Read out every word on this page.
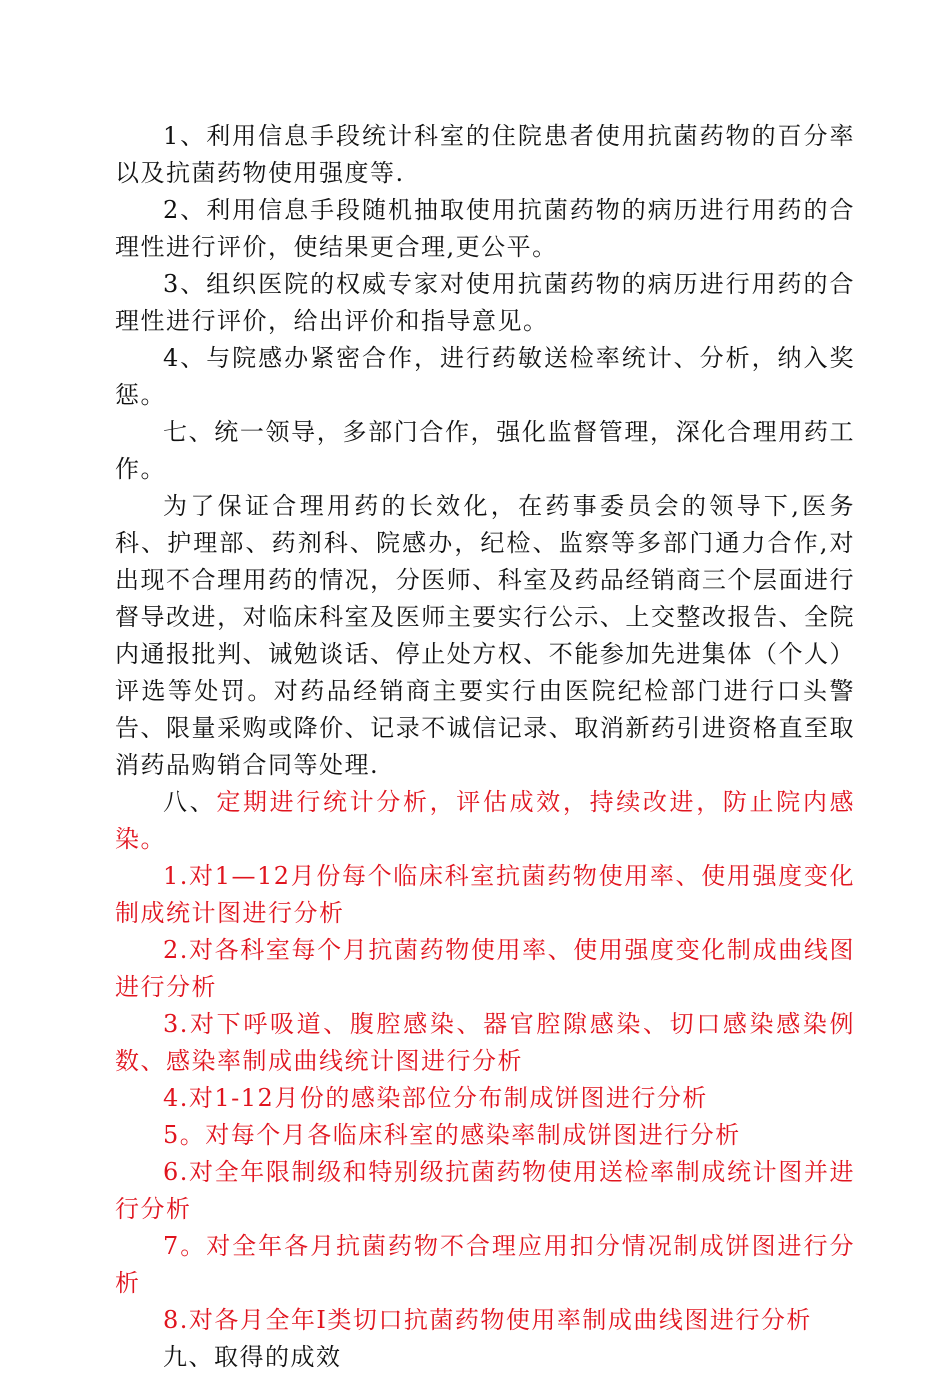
1、利用信息手段统计科室的住院患者使用抗菌药物的百分率以及抗菌药物使用强度等.

2、利用信息手段随机抽取使用抗菌药物的病历进行用药的合理性进行评价，使结果更合理,更公平。

3、组织医院的权威专家对使用抗菌药物的病历进行用药的合理性进行评价，给出评价和指导意见。

4、与院感办紧密合作，进行药敏送检率统计、分析，纳入奖惩。

七、统一领导，多部门合作，强化监督管理，深化合理用药工作。

为了保证合理用药的长效化，在药事委员会的领导下,医务科、护理部、药剂科、院感办，纪检、监察等多部门通力合作,对出现不合理用药的情况，分医师、科室及药品经销商三个层面进行督导改进，对临床科室及医师主要实行公示、上交整改报告、全院内通报批判、诫勉谈话、停止处方权、不能参加先进集体（个人）评选等处罚。对药品经销商主要实行由医院纪检部门进行口头警告、限量采购或降价、记录不诚信记录、取消新药引进资格直至取消药品购销合同等处理.

八、定期进行统计分析，评估成效，持续改进，防止院内感染。

1.对1—12月份每个临床科室抗菌药物使用率、使用强度变化制成统计图进行分析

2.对各科室每个月抗菌药物使用率、使用强度变化制成曲线图进行分析

3.对下呼吸道、腹腔感染、器官腔隙感染、切口感染感染例数、感染率制成曲线统计图进行分析

4.对1-12月份的感染部位分布制成饼图进行分析

5。对每个月各临床科室的感染率制成饼图进行分析

6.对全年限制级和特别级抗菌药物使用送检率制成统计图并进行分析

7。对全年各月抗菌药物不合理应用扣分情况制成饼图进行分析

8.对各月全年Ⅰ类切口抗菌药物使用率制成曲线图进行分析

九、取得的成效
